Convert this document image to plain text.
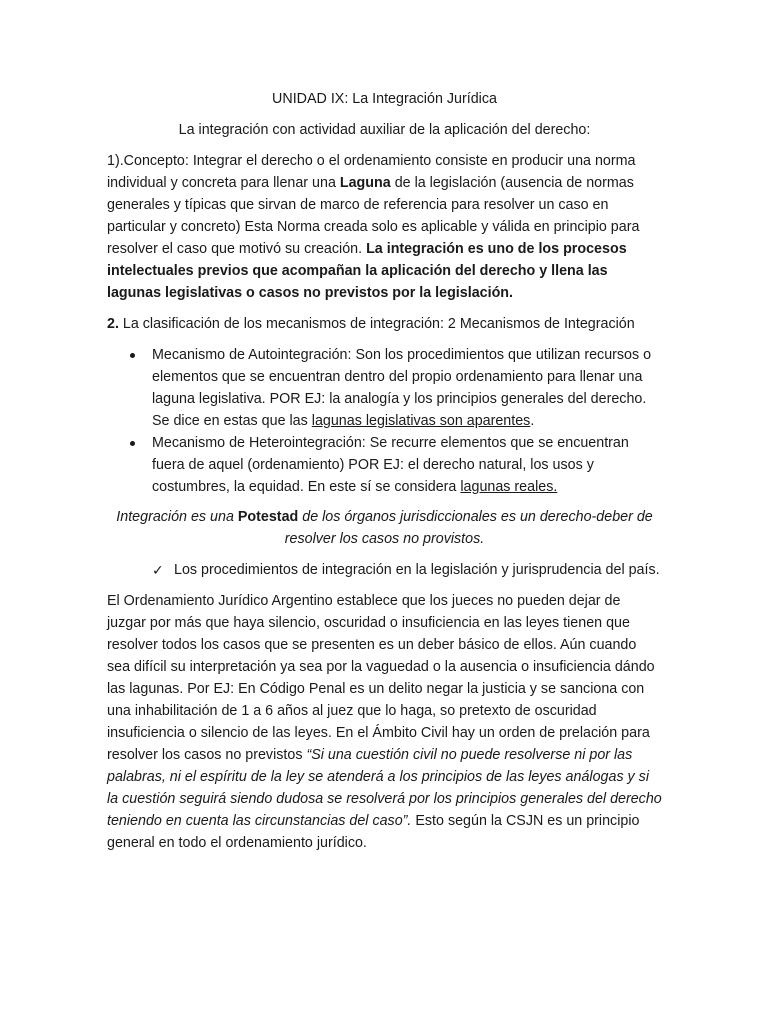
UNIDAD IX: La Integración Jurídica

La integración con actividad auxiliar de la aplicación del derecho:

1).Concepto: Integrar el derecho o el ordenamiento consiste en producir una norma individual y concreta para llenar una Laguna de la legislación (ausencia de normas generales y típicas que sirvan de marco de referencia para resolver un caso en particular y concreto) Esta Norma creada solo es aplicable y válida en principio para resolver el caso que motivó su creación. La integración es uno de los procesos intelectuales previos que acompañan la aplicación del derecho y llena las lagunas legislativas o casos no previstos por la legislación.

2. La clasificación de los mecanismos de integración: 2 Mecanismos de Integración

Mecanismo de Autointegración: Son los procedimientos que utilizan recursos o elementos que se encuentran dentro del propio ordenamiento para llenar una laguna legislativa. POR EJ: la analogía y los principios generales del derecho. Se dice en estas que las lagunas legislativas son aparentes.
Mecanismo de Heterointegración: Se recurre elementos que se encuentran fuera de aquel (ordenamiento) POR EJ: el derecho natural, los usos y costumbres, la equidad. En este sí se considera lagunas reales.

Integración es una Potestad de los órganos jurisdiccionales es un derecho-deber de resolver los casos no provistos.

✓ Los procedimientos de integración en la legislación y jurisprudencia del país.

El Ordenamiento Jurídico Argentino establece que los jueces no pueden dejar de juzgar por más que haya silencio, oscuridad o insuficiencia en las leyes tienen que resolver todos los casos que se presenten es un deber básico de ellos. Aún cuando sea difícil su interpretación ya sea por la vaguedad o la ausencia o insuficiencia dándo las lagunas. Por EJ: En Código Penal es un delito negar la justicia y se sanciona con una inhabilitación de 1 a 6 años al juez que lo haga, so pretexto de oscuridad insuficiencia o silencio de las leyes. En el Ámbito Civil hay un orden de prelación para resolver los casos no previstos “Si una cuestión civil no puede resolverse ni por las palabras, ni el espíritu de la ley se atenderá a los principios de las leyes análogas y si la cuestión seguirá siendo dudosa se resolverá por los principios generales del derecho teniendo en cuenta las circunstancias del caso”. Esto según la CSJN es un principio general en todo el ordenamiento jurídico.
